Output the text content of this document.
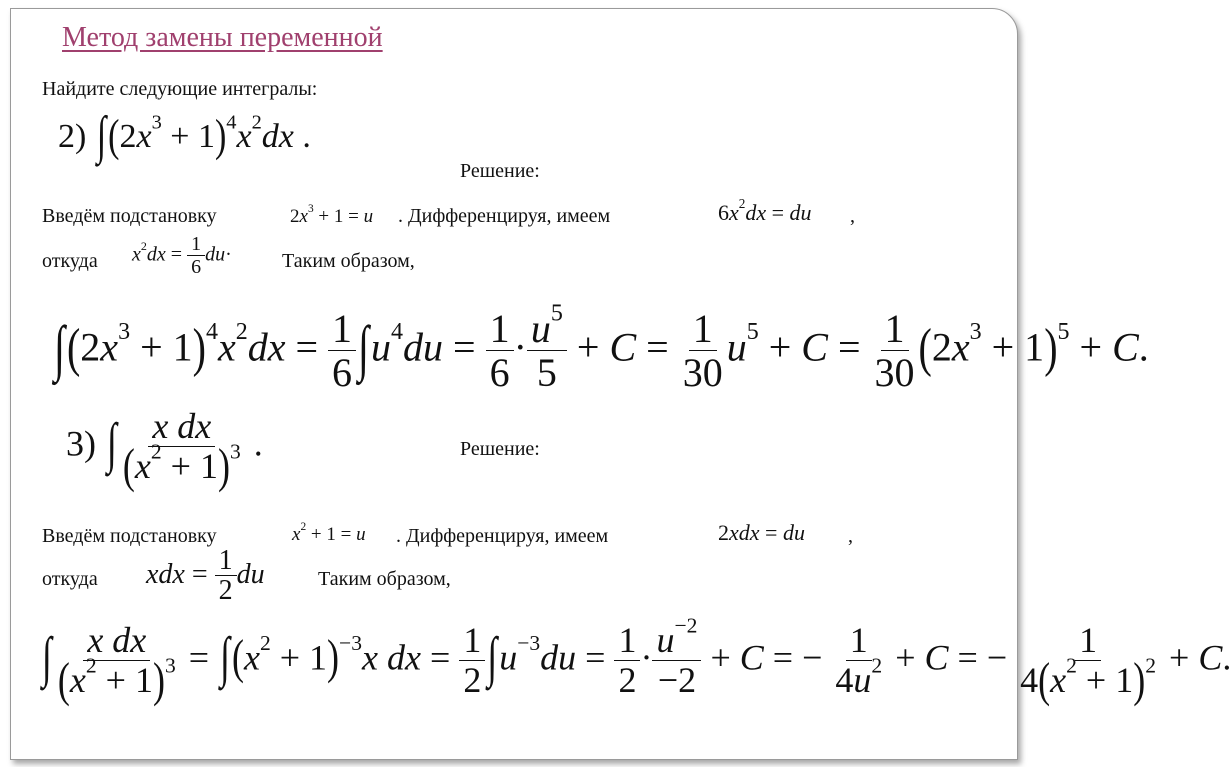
Метод замены переменной
Найдите следующие интегралы:
2) $\int(2x^3 + 1)^4x^2dx$ .
Решение:
Введём подстановку	$2x^3 + 1 = u$ . Дифференцируя, имеем	$6x^2dx$ = du ,
откуда $x^2dx = \frac{1}{6} du\cdot$	Таким образом,
$\int(2x^3 + 1)^4x^2dx = \frac{1}{6} \int u^4du = \frac{1}{6} \cdot \frac{u^5}{5} + C = \frac{1}{30} u^5 + C = \frac{1}{30} (2x^3 + 1)^5 + C$.
3) ∫ $\frac{\text{x dx}}{(x^2 + 1)^3}$ .	Решение:
Введём подстановку	$x^2 + 1 = u$ . Дифференцируя, имеем	2xdx = du ,
откуда xdx = $\frac{1}{2}$ du	Таким образом,
∫ $\frac{\text{x dx}}{(x^2 + 1)^3} = \int(x^2 + 1)^{-3}x$ dx = $\frac{1}{2} \int u^{-3}du = \frac{1}{2} \cdot \frac{u^{-2}}{-2} + C$ = − $\frac{1}{4u^2} + C$ = − $\frac{1}{4(x^2 + 1)^2} + C$.
